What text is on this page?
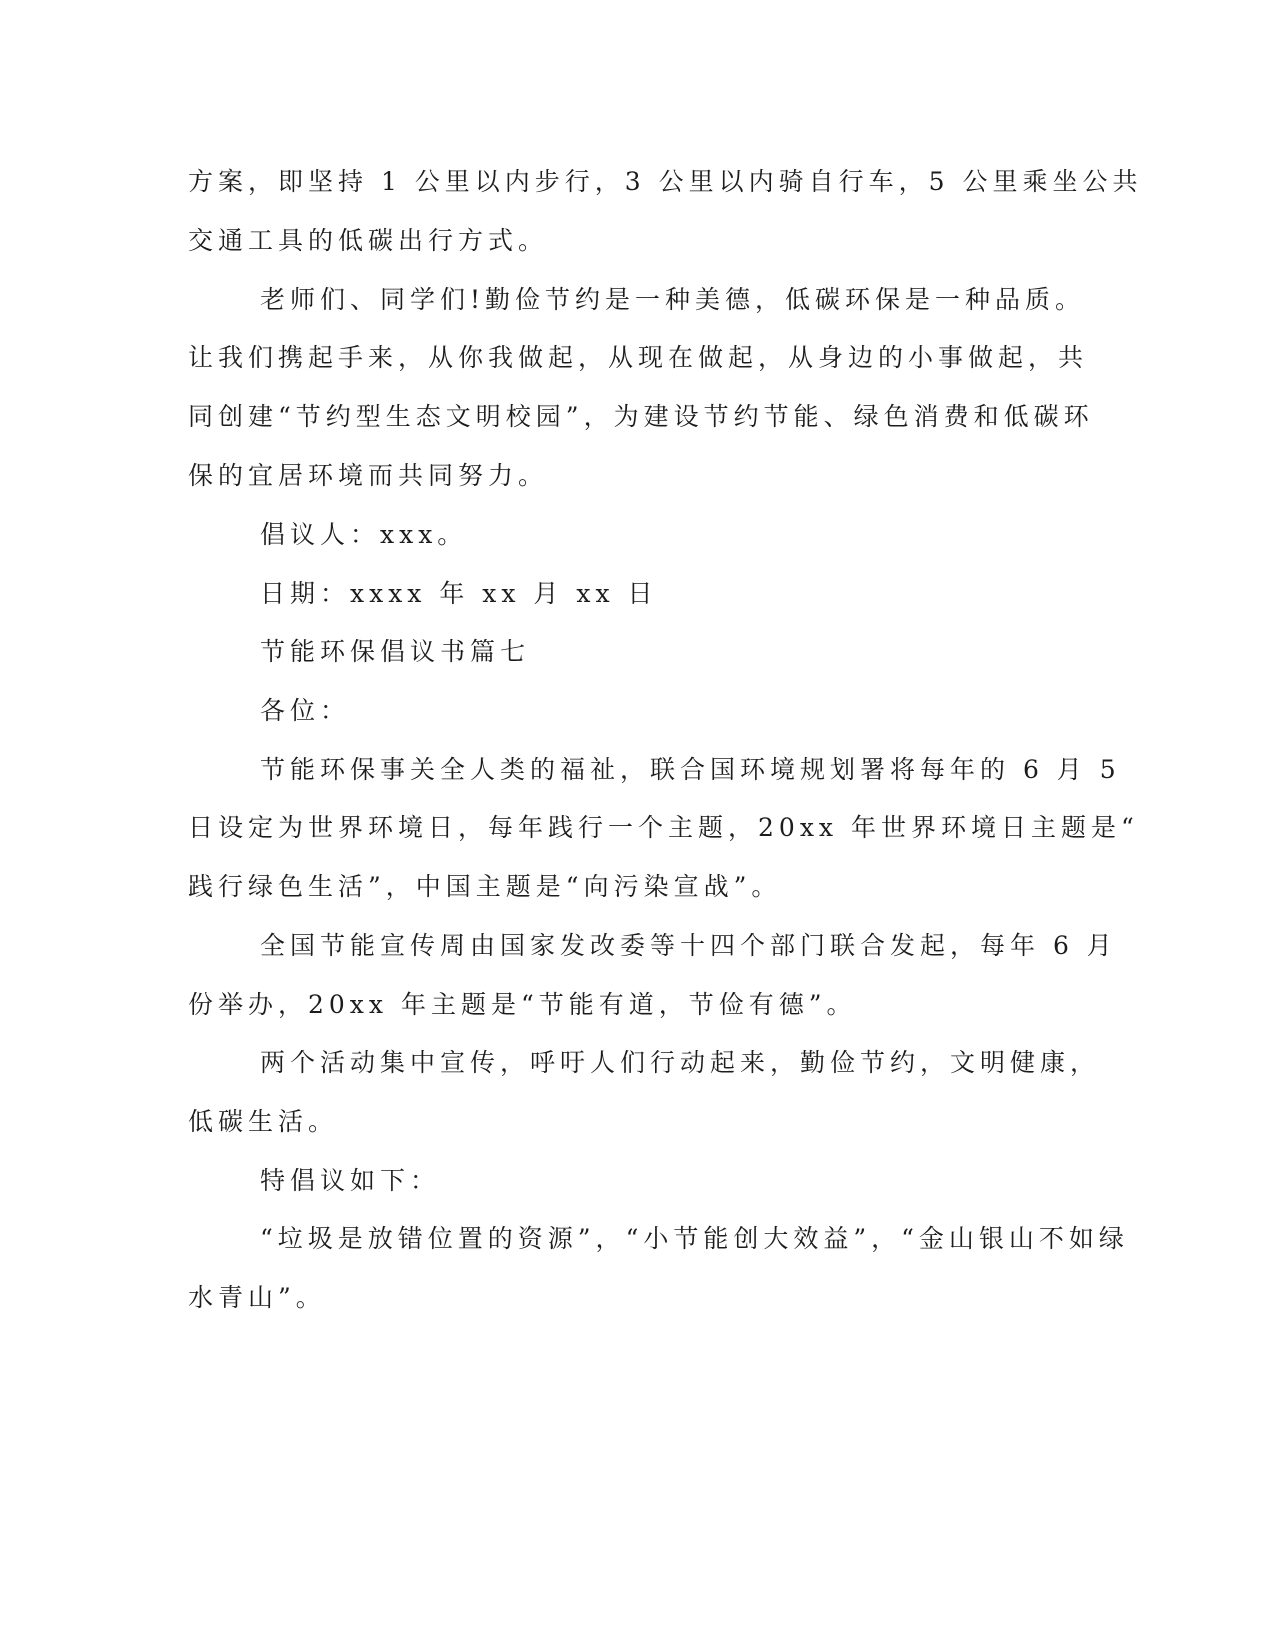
方案，即坚持 1 公里以内步行，3 公里以内骑自行车，5 公里乘坐公共
交通工具的低碳出行方式。
老师们、同学们!勤俭节约是一种美德，低碳环保是一种品质。
让我们携起手来，从你我做起，从现在做起，从身边的小事做起，共
同创建“节约型生态文明校园”，为建设节约节能、绿色消费和低碳环
保的宜居环境而共同努力。
倡议人：xxx。
日期：xxxx 年 xx 月 xx 日
节能环保倡议书篇七
各位：
节能环保事关全人类的福祉，联合国环境规划署将每年的 6 月 5
日设定为世界环境日，每年践行一个主题，20xx 年世界环境日主题是“
践行绿色生活”，中国主题是“向污染宣战”。
全国节能宣传周由国家发改委等十四个部门联合发起，每年 6 月
份举办，20xx 年主题是“节能有道，节俭有德”。
两个活动集中宣传，呼吁人们行动起来，勤俭节约，文明健康，
低碳生活。
特倡议如下：
“垃圾是放错位置的资源”，“小节能创大效益”，“金山银山不如绿
水青山”。
